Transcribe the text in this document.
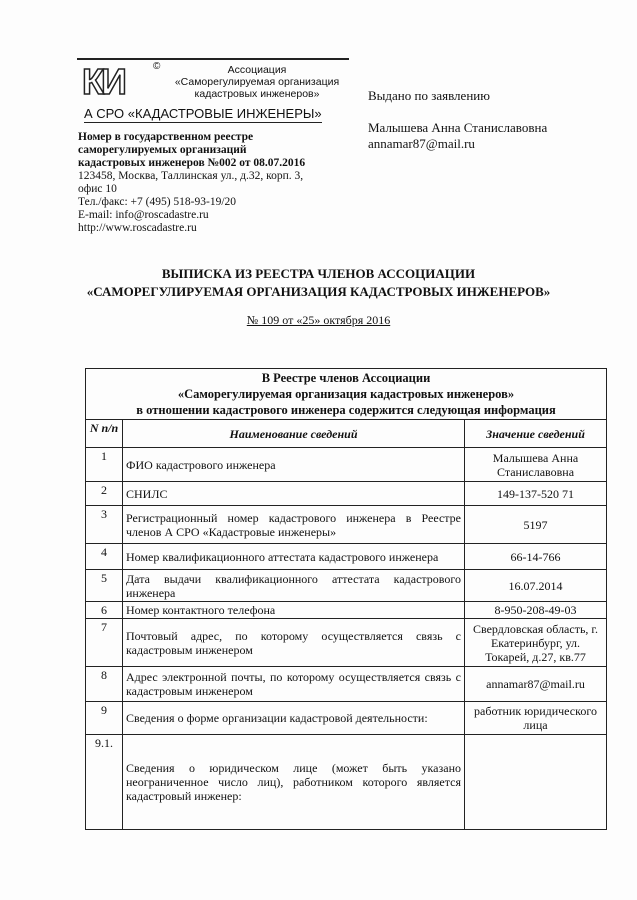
КИ	©	Ассоциация
«Саморегулируемая организация
кадастровых инженеров»
А СРО «КАДАСТРОВЫЕ ИНЖЕНЕРЫ»
Номер в государственном реестре
саморегулируемых организаций
кадастровых инженеров №002 от 08.07.2016
123458, Москва, Таллинская ул., д.32, корп. 3, офис 10
Тел./факс: +7 (495) 518-93-19/20
E-mail: info@roscadastre.ru
http://www.roscadastre.ru
Выдано по заявлению
Малышева Анна Станиславовна
annamar87@mail.ru
ВЫПИСКА ИЗ РЕЕСТРА ЧЛЕНОВ АССОЦИАЦИИ
«САМОРЕГУЛИРУЕМАЯ ОРГАНИЗАЦИЯ КАДАСТРОВЫХ ИНЖЕНЕРОВ»
№ 109 от «25» октября 2016
В Реестре членов Ассоциации
«Саморегулируемая организация кадастровых инженеров»
в отношении кадастрового инженера содержится следующая информация		

N п/п	Наименование сведений	Значение сведений
1	ФИО кадастрового инженера	Малышева Анна Станиславовна
2	СНИЛС	149-137-520 71
3	Регистрационный номер кадастрового инженера в Реестре членов А СРО «Кадастровые инженеры»	5197
4	Номер квалификационного аттестата кадастрового инженера	66-14-766
5	Дата выдачи квалификационного аттестата кадастрового инженера	16.07.2014
6	Номер контактного телефона	8-950-208-49-03
7	Почтовый адрес, по которому осуществляется связь с кадастровым инженером	Свердловская область, г. Екатеринбург, ул. Токарей, д.27, кв.77
8	Адрес электронной почты, по которому осуществляется связь с кадастровым инженером	annamar87@mail.ru
9	Сведения о форме организации кадастровой деятельности:	работник юридического лица
9.1.	Сведения о юридическом лице (может быть указано неограниченное число лиц), работником которого является кадастровый инженер:	
